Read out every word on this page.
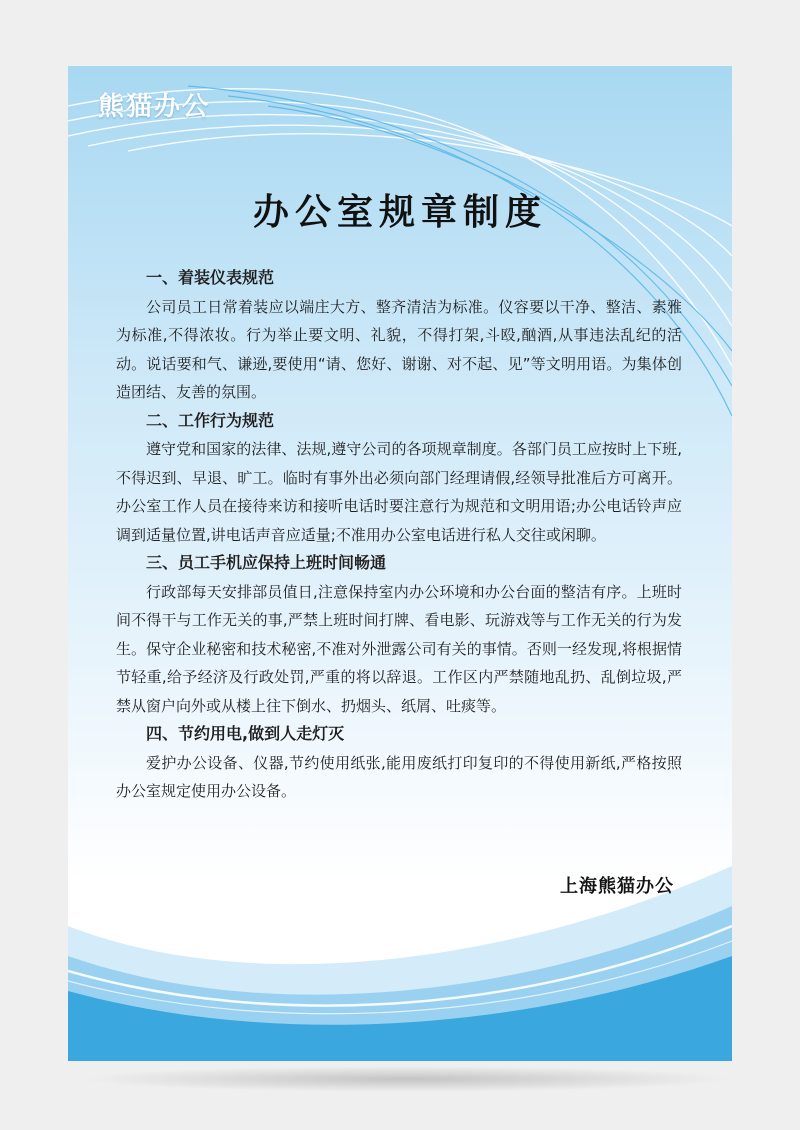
熊猫办公
办公室规章制度

一、着装仪表规范

公司员工日常着装应以端庄大方、整齐清洁为标准。仪容要以干净、整洁、素雅为标准,不得浓妆。行为举止要文明、礼貌，不得打架,斗殴,酗酒,从事违法乱纪的活动。说话要和气、谦逊,要使用“请、您好、谢谢、对不起、见”等文明用语。为集体创造团结、友善的氛围。

二、工作行为规范

遵守党和国家的法律、法规,遵守公司的各项规章制度。各部门员工应按时上下班,不得迟到、早退、旷工。临时有事外出必须向部门经理请假,经领导批准后方可离开。办公室工作人员在接待来访和接听电话时要注意行为规范和文明用语;办公电话铃声应调到适量位置,讲电话声音应适量;不准用办公室电话进行私人交往或闲聊。

三、员工手机应保持上班时间畅通

行政部每天安排部员值日,注意保持室内办公环境和办公台面的整洁有序。上班时间不得干与工作无关的事,严禁上班时间打牌、看电影、玩游戏等与工作无关的行为发生。保守企业秘密和技术秘密,不准对外泄露公司有关的事情。否则一经发现,将根据情节轻重,给予经济及行政处罚,严重的将以辞退。工作区内严禁随地乱扔、乱倒垃圾,严禁从窗户向外或从楼上往下倒水、扔烟头、纸屑、吐痰等。

四、节约用电,做到人走灯灭

爱护办公设备、仪器,节约使用纸张,能用废纸打印复印的不得使用新纸,严格按照办公室规定使用办公设备。

上海熊猫办公
